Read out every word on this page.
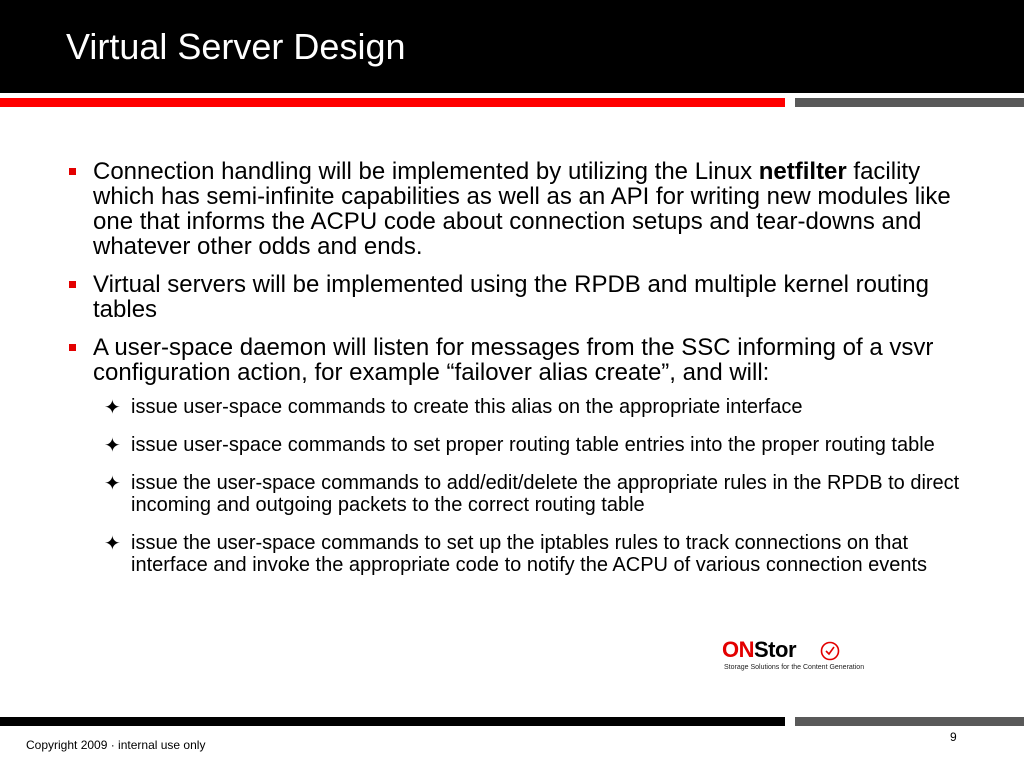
Virtual Server Design
Connection handling will be implemented by utilizing the Linux netfilter facility which has semi-infinite capabilities as well as an API for writing new modules like one that informs the ACPU code about connection setups and tear-downs and whatever other odds and ends.
Virtual servers will be implemented using the RPDB and multiple kernel routing tables
A user-space daemon will listen for messages from the SSC informing of a vsvr configuration action, for example “failover alias create”, and will:
✦ issue user-space commands to create this alias on the appropriate interface
✦ issue user-space commands to set proper routing table entries into the proper routing table
✦ issue the user-space commands to add/edit/delete the appropriate rules in the RPDB to direct incoming and outgoing packets to the correct routing table
✦ issue the user-space commands to set up the iptables rules to track connections on that interface and invoke the appropriate code to notify the ACPU of various connection events
ONStor
Storage Solutions for the Content Generation
Copyright 2009 · internal use only
9
